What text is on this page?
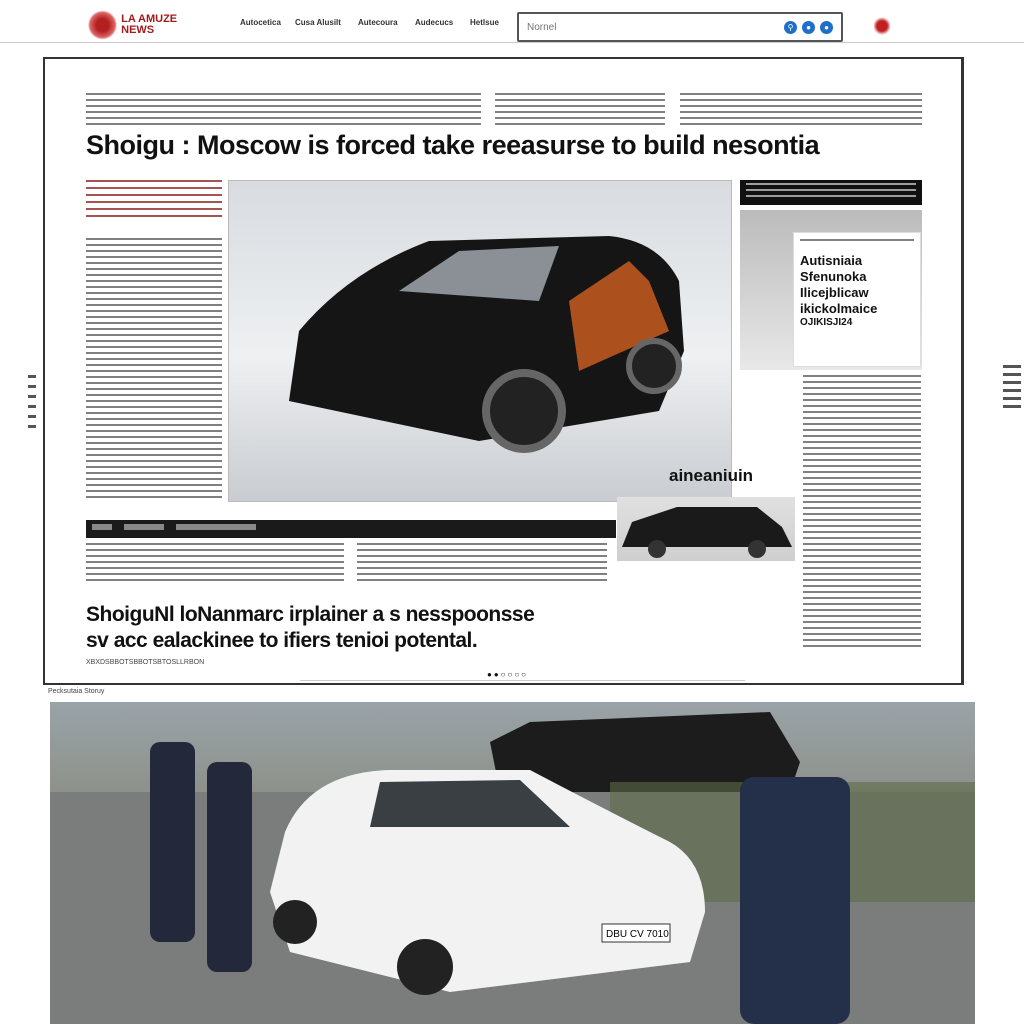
LA AMUZE NEWS
Autocetica Cusa Alusilt Autecoura Audecucs Hetlsue
Nornel	⚲	●	●
Shoigu : Moscow is forced take reeasurse to build nesontia
aineaniuin
Autisniaia Sfenunoka Ilicejblicaw ikickolmaice
OJIKISJI24
ShoiguNl loNanmarc irplainer a s nesspoonsse
sv acc ealackinee to ifiers tenioi potental.
XBXDSBBOTSBBOTSBTOSLLRBON
●●○○○○
Pecksutaia Storuy
DBU CV 7010
